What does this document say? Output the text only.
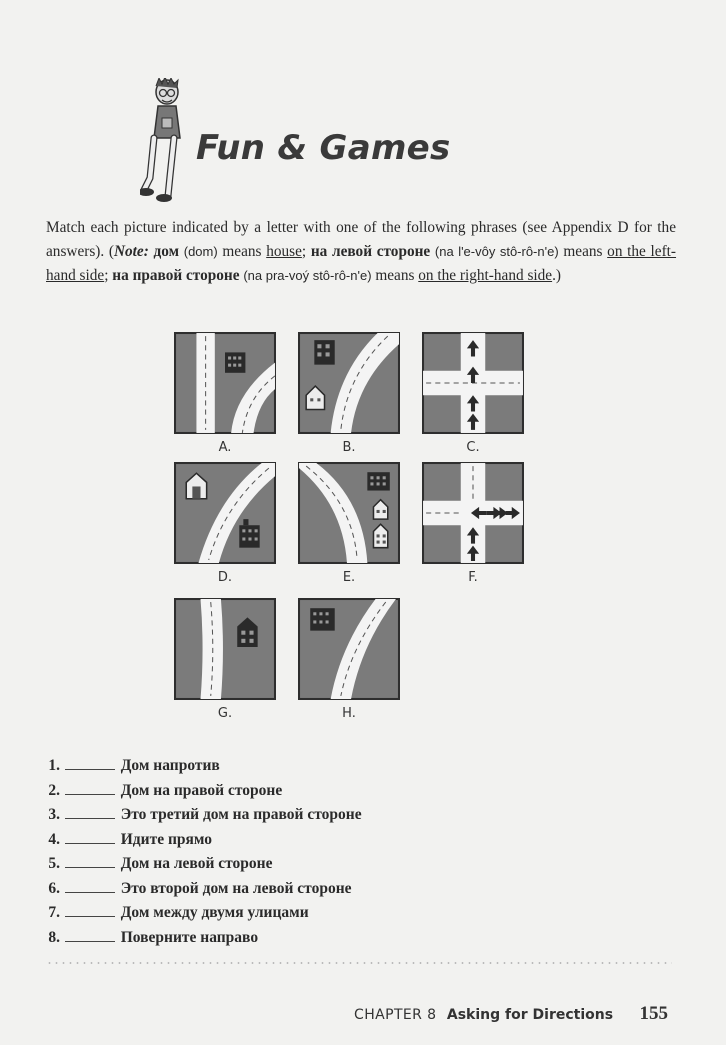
Fun & Games

Match each picture indicated by a letter with one of the following phrases (see Appendix D for the answers). (Note: дом (dom) means house; на левой стороне (na l'e-vôy stô-rô-n'e) means on the left-hand side; на правой стороне (na pra-voý stô-rô-n'e) means on the right-hand side.)

A.	B.	C.
D.	E.	F.
G.	H.
1.	Дом напротив
2.	Дом на правой стороне
3.	Это третий дом на правой стороне
4.	Идите прямо
5.	Дом на левой стороне
6.	Это второй дом на левой стороне
7.	Дом между двумя улицами
8.	Поверните направо
CHAPTER 8 Asking for Directions 155
